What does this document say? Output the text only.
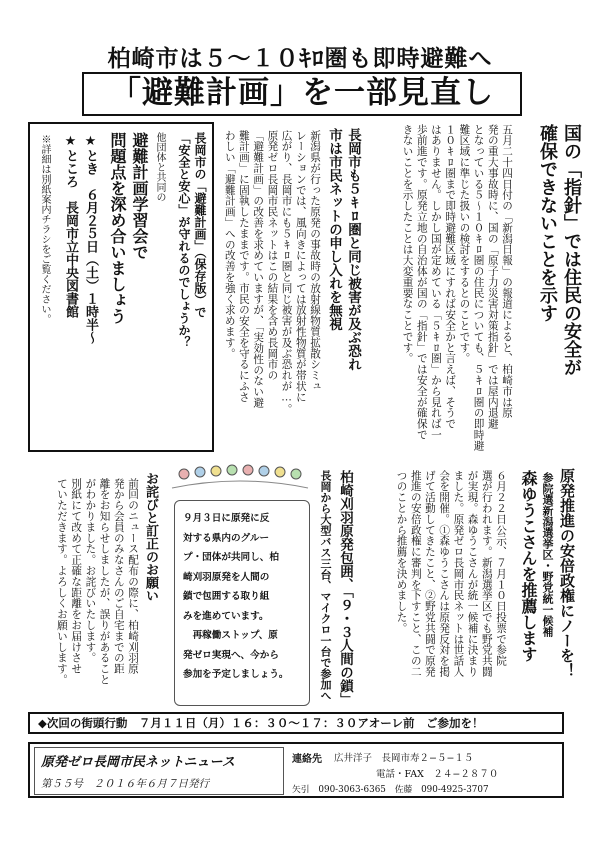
柏崎市は５～１０ｷﾛ圏も即時避難へ
「避難計画」を一部見直し
国の「指針」では住民の安全が
確保できないことを示す
五月二十四日付の「新潟日報」の報道によると、柏崎市は原
発の重大事故時に、国の「原子力災害対策指針」では屋内退避
となっている５～１０ｷﾛ圏の住民についても、５ｷﾛ圏の即時避
難区域に準じた扱いの検討をするとのことです。
１０ｷﾛ圏まで即時避難区域にすれば安全かと言えば、そうで
はありません。しかし国が定めている「５ｷﾛ圏」から見れば一
歩前進です。原発立地の自治体が国の「指針」では安全が確保で
きないことを示したことは大変重要なことです。
長岡市も５ｷﾛ圏と同じ被害が及ぶ恐れ
市は市民ネットの申し入れを無視
新潟県が行った原発の事故時の放射線物質拡散シミュ
レーションでは、風向きによっては放射性物質が帯状に
広がり、長岡市にも５ｷﾛ圏と同じ被害が及ぶ恐れが…。
原発ゼロ長岡市民ネットはこの結果を含め長岡市の
「避難計画」の改善を求めていますが、「実効性のない避
難計画」に固執したままです。市民の安全を守るにふさ
わしい「避難計画」への改善を強く求めます。
長岡市の「避難計画」（保存版）で
「安全と安心」が守れるのでしょうか？
他団体と共同の
避難計画学習会で
問題点を深め合いましょう
★とき　６月２５日（土）１時半～
★ところ　長岡市立中央図書館
※詳細は別紙案内チラシをご覧ください。
原発推進の安倍政権にノーを！
参院選新潟選挙区・野党統一候補
森ゆうこさんを推薦します
６月２２日公示、７月１０日投票で参院
選が行われます。新潟選挙区でも野党共闘
が実現。森ゆうこさんが統一候補に決まり
ました。原発ゼロ長岡市民ネットは世話人
会を開催。①森ゆうこさんは原発反対を掲
げて活動してきたこと、②野党共闘で原発
推進の安倍政権に審判を下すこと、この二
つのことから推薦を決めました。
柏崎刈羽原発包囲、「９・３人間の鎖」
長岡から大型バス三台、マイクロ一台で参加へ
９月３日に原発に反
対する県内のグルー
プ・団体が共同し、柏
崎刈羽原発を人間の
鎖で包囲する取り組
みを進めています。
　再稼働ストップ、原
発ゼロ実現へ、今から
参加を予定しましょう。
お詫びと訂正のお願い
前回のニュース配布の際に、柏崎刈羽原
発から会員のみなさんのご自宅までの距
離をお知らせしましたが、誤りがあること
がわかりました。お詫びいたします。
別紙にて改めて正確な距離をお届けさせ
ていただきます。よろしくお願いします。
◆次回の街頭行動　７月１１日（月）１６：３０～１７：３０アオーレ前　ご参加を！
原発ゼロ長岡市民ネットニュース
第５５号　２０１６年６月７日発行
連絡先 広井洋子　長岡市寿２−５−１５
電話・FAX　２４−２８７０
矢引　090-3063-6365　佐藤　090-4925-3707
